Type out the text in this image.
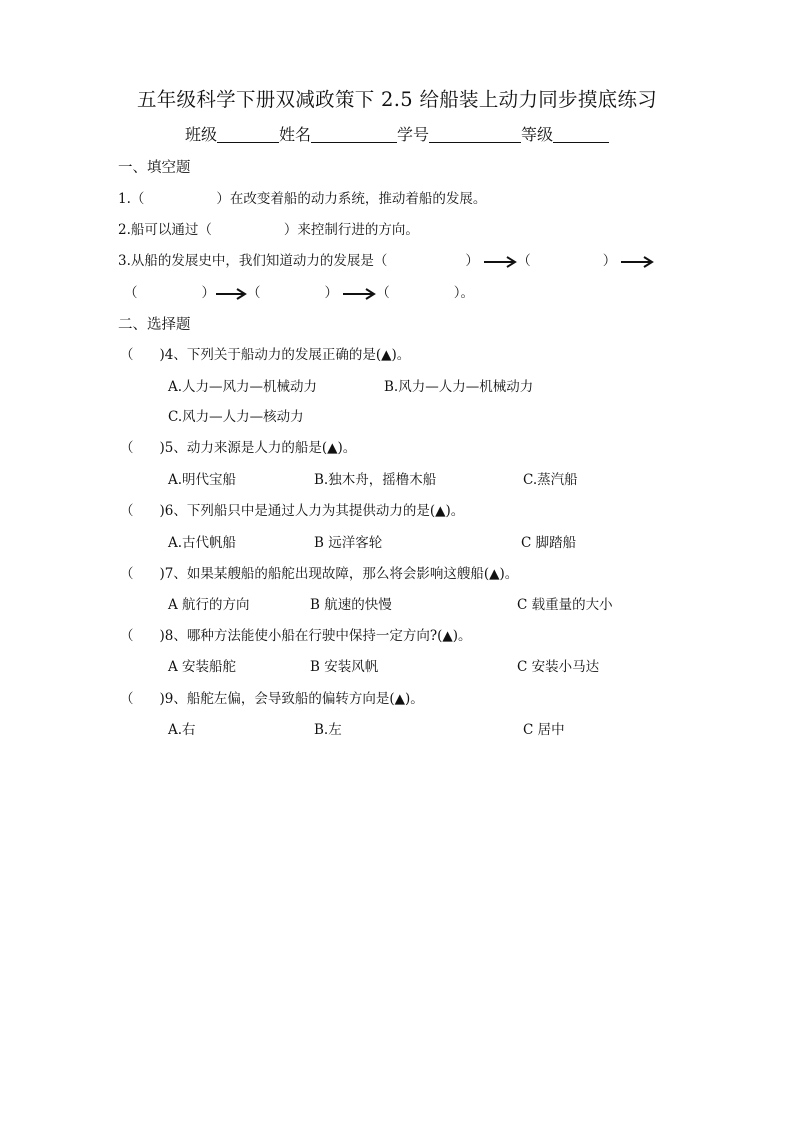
五年级科学下册双减政策下 2.5 给船装上动力同步摸底练习
班级	姓名	学号	等级
一、填空题
1.（	）在改变着船的动力系统，推动着船的发展。
2.船可以通过（	）来控制行进的方向。
3.从船的发展史中，我们知道动力的发展是（	）	（	）
（	） （	）	（	）。
二、选择题
（ )4、下列关于船动力的发展正确的是(▲)。
A.人力—风力—机械动力	B.风力—人力—机械动力
C.风力—人力—核动力
（ )5、动力来源是人力的船是(▲)。
A.明代宝船	B.独木舟，摇橹木船	C.蒸汽船
（ )6、下列船只中是通过人力为其提供动力的是(▲)。
A.古代帆船	B 远洋客轮	C 脚踏船
（ )7、如果某艘船的船舵出现故障，那么将会影响这艘船(▲)。
A 航行的方向	B 航速的快慢	C 载重量的大小
（ )8、哪种方法能使小船在行驶中保持一定方向?(▲)。
A 安装船舵	B 安装风帆	C 安装小马达
（ )9、船舵左偏，会导致船的偏转方向是(▲)。
A.右	B.左	C 居中
